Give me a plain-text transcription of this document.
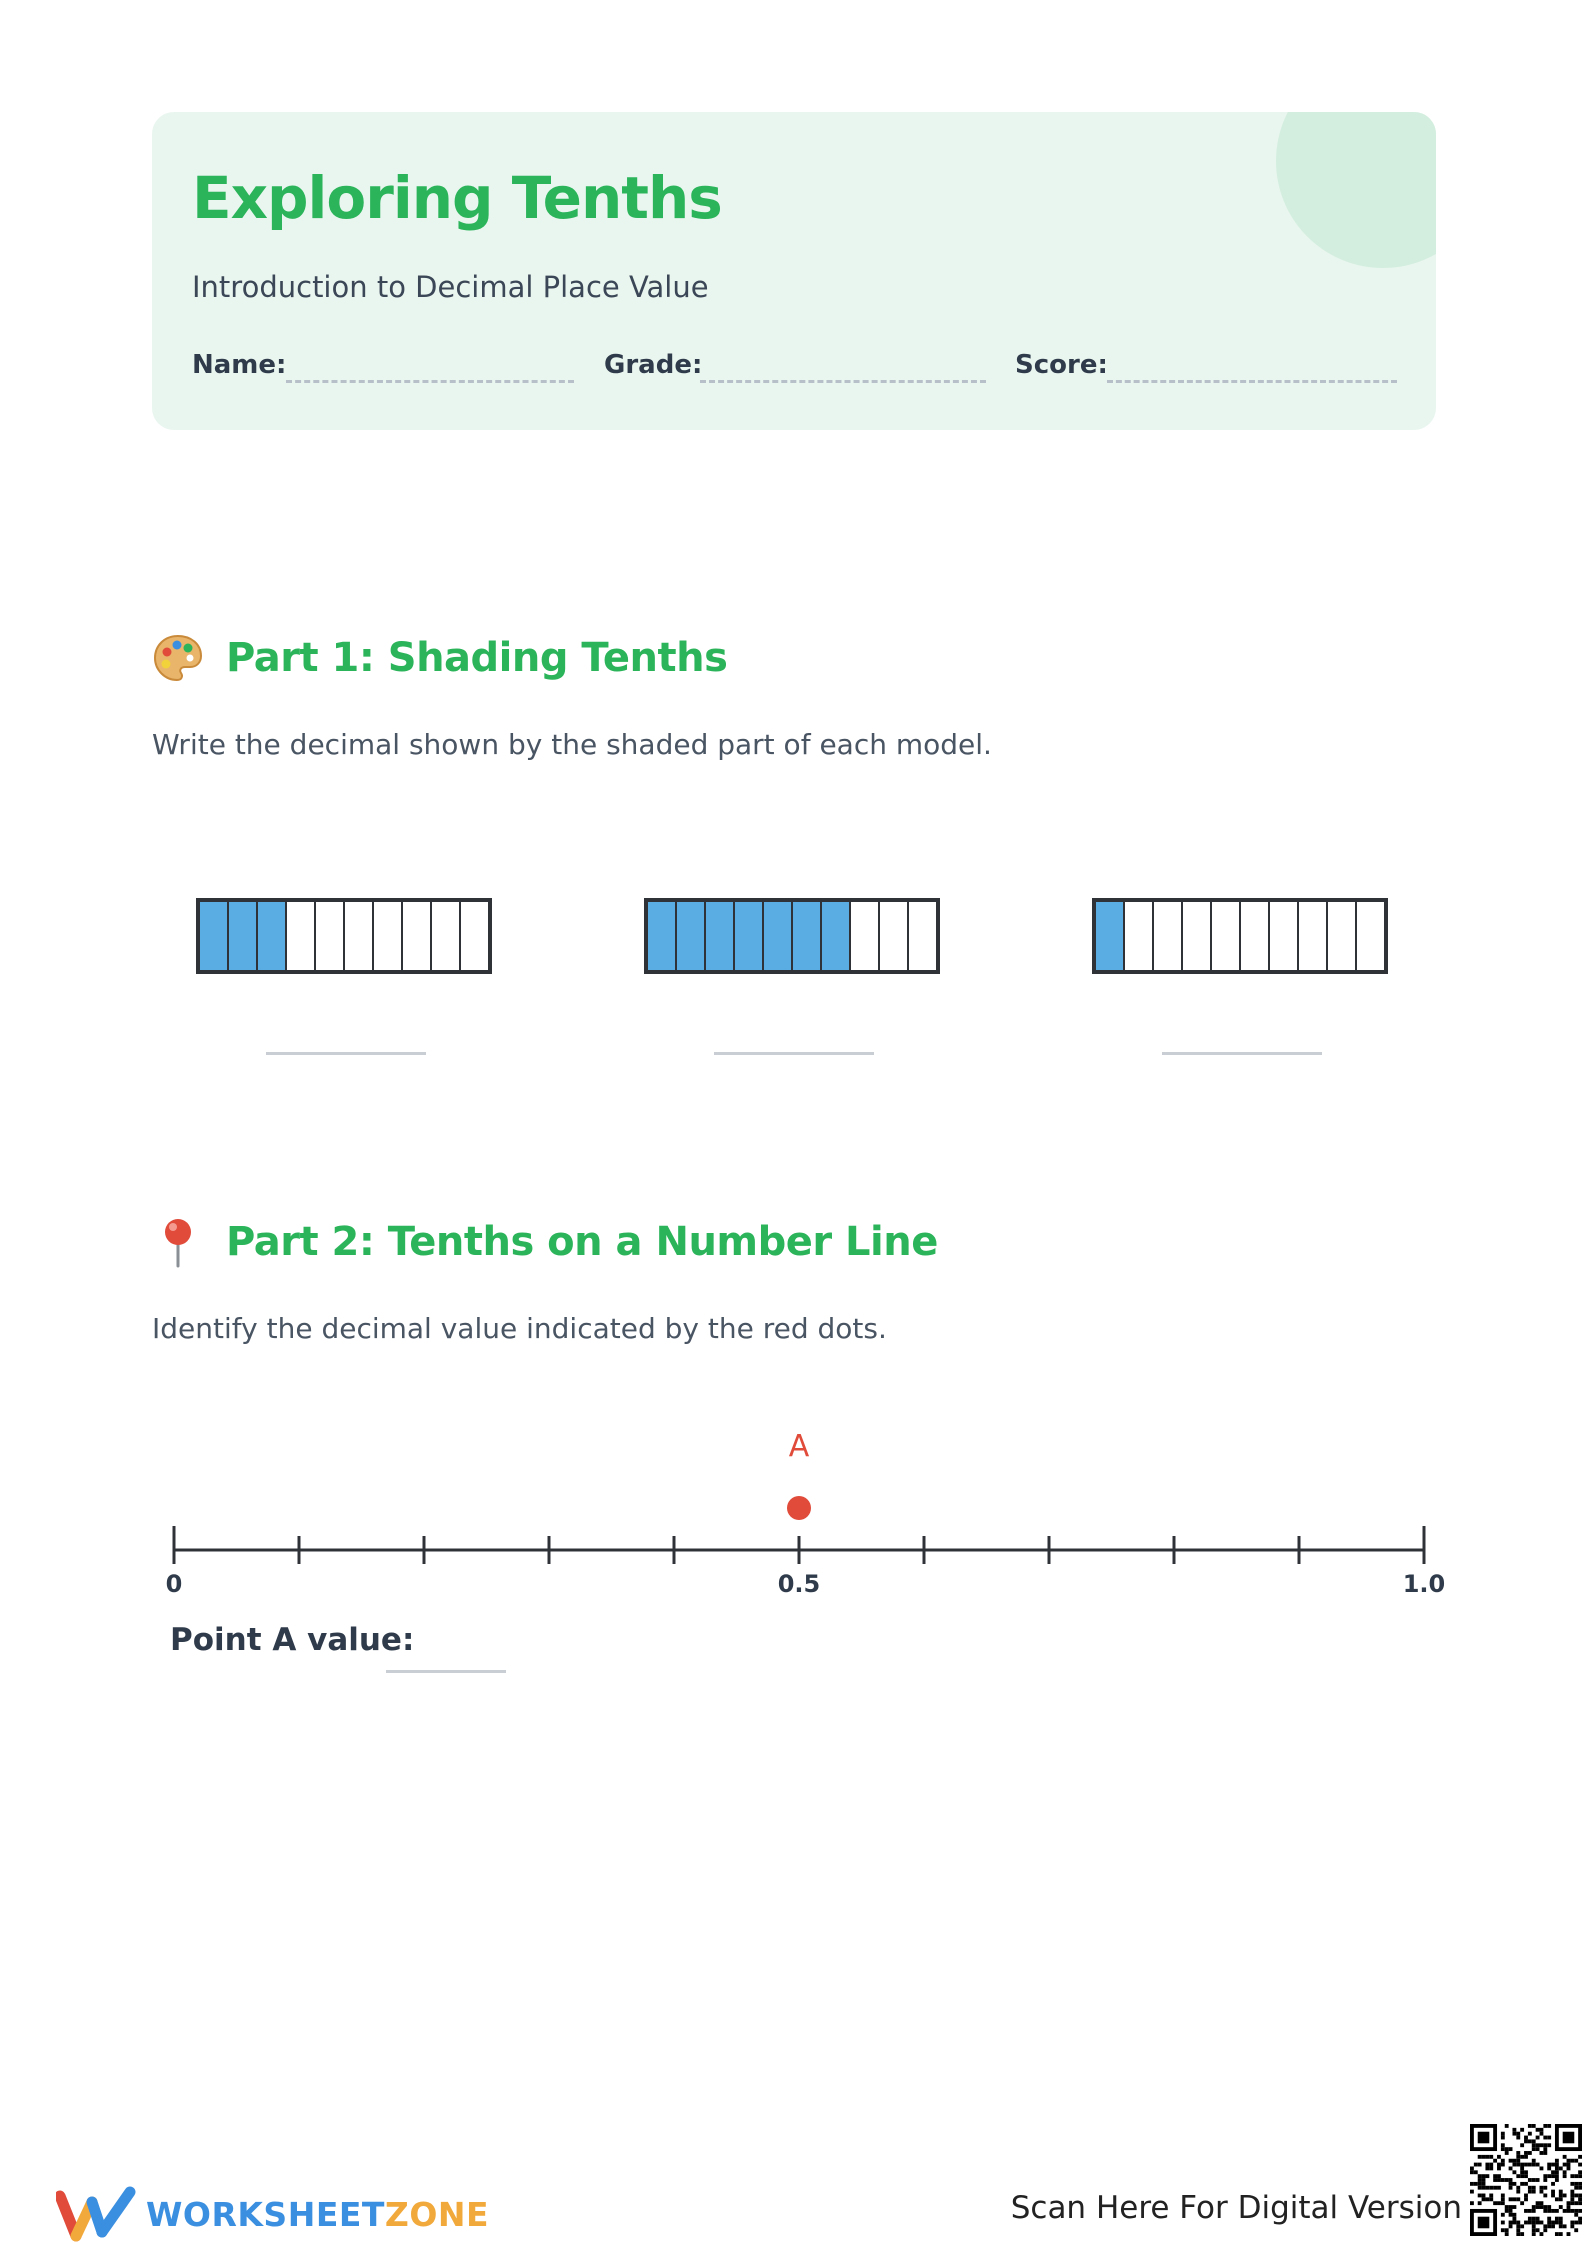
Exploring Tenths
Introduction to Decimal Place Value
Name:	Grade:	Score:
Part 1: Shading Tenths
Write the decimal shown by the shaded part of each model.
Part 2: Tenths on a Number Line
Identify the decimal value indicated by the red dots.
0	0.5	1.0
A
Point A value:
WORKSHEET ZONE	Scan Here For Digital Version
